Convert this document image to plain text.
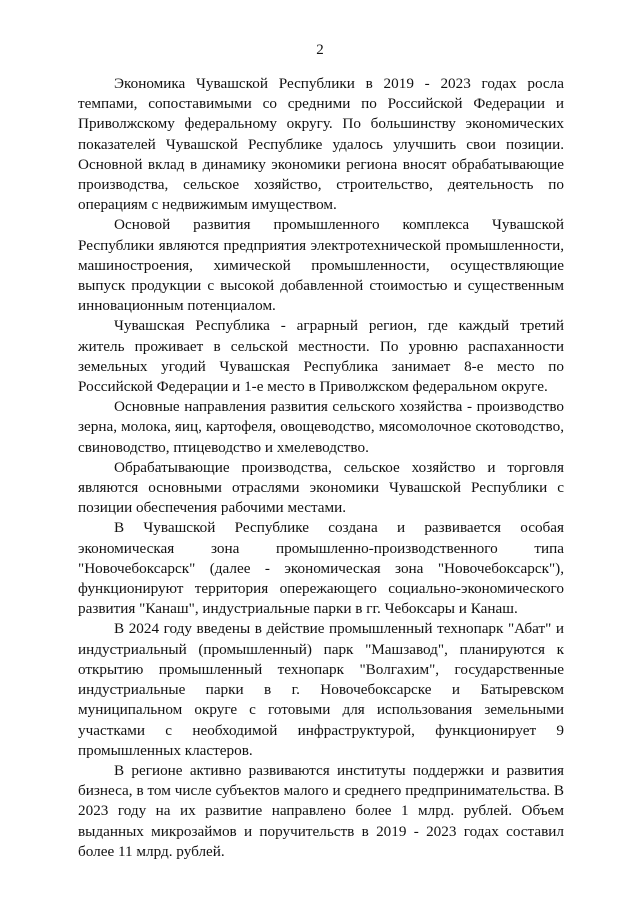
2

Экономика Чувашской Республики в 2019 - 2023 годах росла темпами, сопоставимыми со средними по Российской Федерации и Приволжскому федеральному округу. По большинству экономических показателей Чувашской Республике удалось улучшить свои позиции. Основной вклад в динамику экономики региона вносят обрабатывающие производства, сельское хозяйство, строительство, деятельность по операциям с недвижимым имуществом.

Основой развития промышленного комплекса Чувашской Республики являются предприятия электротехнической промышленности, машиностроения, химической промышленности, осуществляющие выпуск продукции с высокой добавленной стоимостью и существенным инновационным потенциалом.

Чувашская Республика - аграрный регион, где каждый третий житель проживает в сельской местности. По уровню распаханности земельных угодий Чувашская Республика занимает 8-е место по Российской Федерации и 1-е место в Приволжском федеральном округе.

Основные направления развития сельского хозяйства - производство зерна, молока, яиц, картофеля, овощеводство, мясомолочное скотоводство, свиноводство, птицеводство и хмелеводство.

Обрабатывающие производства, сельское хозяйство и торговля являются основными отраслями экономики Чувашской Республики с позиции обеспечения рабочими местами.

В Чувашской Республике создана и развивается особая экономическая зона промышленно-производственного типа "Новочебоксарск" (далее - экономическая зона "Новочебоксарск"), функционируют территория опережающего социально-экономического развития "Канаш", индустриальные парки в гг. Чебоксары и Канаш.

В 2024 году введены в действие промышленный технопарк "Абат" и индустриальный (промышленный) парк "Машзавод", планируются к открытию промышленный технопарк "Волгахим", государственные индустриальные парки в г. Новочебоксарске и Батыревском муниципальном округе с готовыми для использования земельными участками с необходимой инфраструктурой, функционирует 9 промышленных кластеров.

В регионе активно развиваются институты поддержки и развития бизнеса, в том числе субъектов малого и среднего предпринимательства. В 2023 году на их развитие направлено более 1 млрд. рублей. Объем выданных микрозаймов и поручительств в 2019 - 2023 годах составил более 11 млрд. рублей.
